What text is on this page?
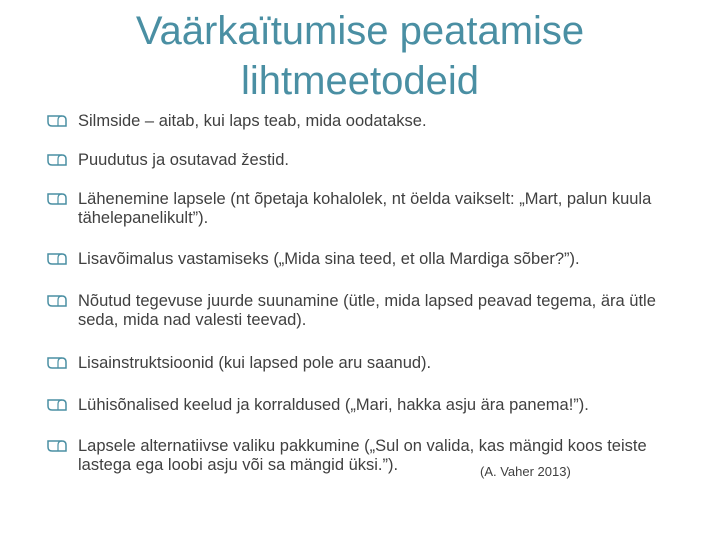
Vaärkaïtumise peatamise
lihtmeetodeid
Silmside – aitab, kui laps teab, mida oodatakse.
Puudutus ja osutavad žestid.
Lähenemine lapsele (nt õpetaja kohalolek, nt öelda vaikselt: „Mart, palun kuula tähelepanelikult”).
Lisavõimalus vastamiseks („Mida sina teed, et olla Mardiga sõber?”).
Nõutud tegevuse juurde suunamine (ütle, mida lapsed peavad tegema, ära ütle seda, mida nad valesti teevad).
Lisainstruktsioonid (kui lapsed pole aru saanud).
Lühisõnalised keelud ja korraldused („Mari, hakka asju ära panema!”).
Lapsele alternatiivse valiku pakkumine („Sul on valida, kas mängid koos teiste lastega ega loobi asju või sa mängid üksi.”).	(A. Vaher 2013)
